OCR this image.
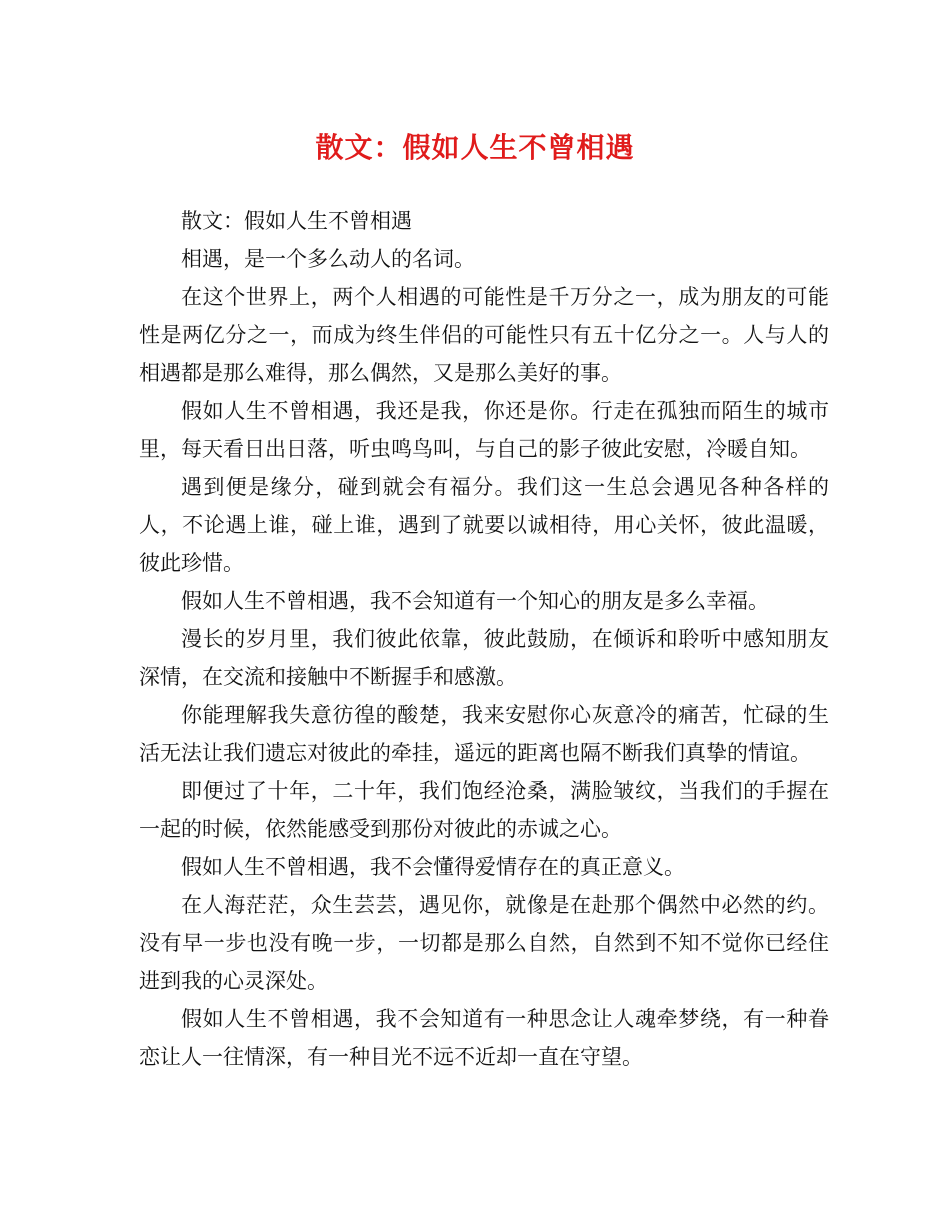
散文：假如人生不曾相遇

散文：假如人生不曾相遇

相遇，是一个多么动人的名词。

在这个世界上，两个人相遇的可能性是千万分之一，成为朋友的可能性是两亿分之一，而成为终生伴侣的可能性只有五十亿分之一。人与人的相遇都是那么难得，那么偶然，又是那么美好的事。

假如人生不曾相遇，我还是我，你还是你。行走在孤独而陌生的城市里，每天看日出日落，听虫鸣鸟叫，与自己的影子彼此安慰，冷暖自知。

遇到便是缘分，碰到就会有福分。我们这一生总会遇见各种各样的人，不论遇上谁，碰上谁，遇到了就要以诚相待，用心关怀，彼此温暖，彼此珍惜。

假如人生不曾相遇，我不会知道有一个知心的朋友是多么幸福。

漫长的岁月里，我们彼此依靠，彼此鼓励，在倾诉和聆听中感知朋友深情，在交流和接触中不断握手和感激。

你能理解我失意彷徨的酸楚，我来安慰你心灰意冷的痛苦，忙碌的生活无法让我们遗忘对彼此的牵挂，遥远的距离也隔不断我们真挚的情谊。

即便过了十年，二十年，我们饱经沧桑，满脸皱纹，当我们的手握在一起的时候，依然能感受到那份对彼此的赤诚之心。

假如人生不曾相遇，我不会懂得爱情存在的真正意义。

在人海茫茫，众生芸芸，遇见你，就像是在赴那个偶然中必然的约。没有早一步也没有晚一步，一切都是那么自然，自然到不知不觉你已经住进到我的心灵深处。

假如人生不曾相遇，我不会知道有一种思念让人魂牵梦绕，有一种眷恋让人一往情深，有一种目光不远不近却一直在守望。
